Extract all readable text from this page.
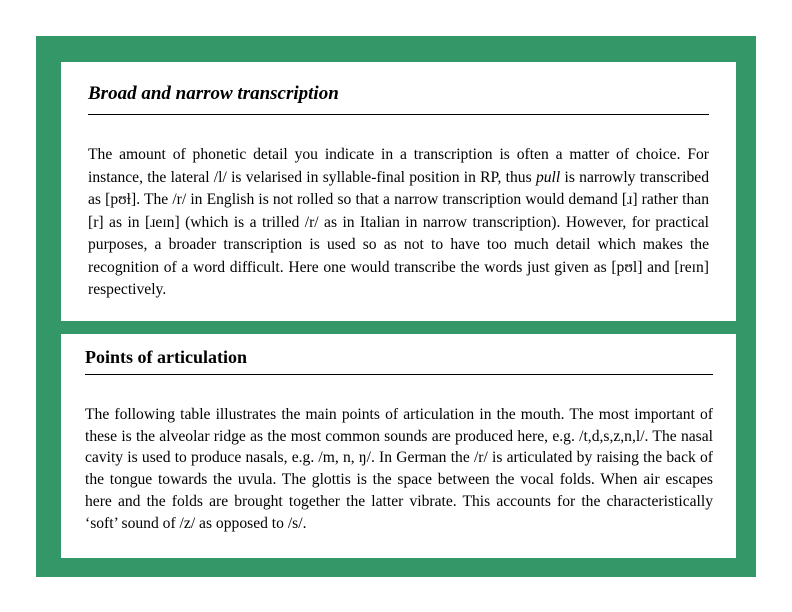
Broad and narrow transcription

The amount of phonetic detail you indicate in a transcription is often a matter of choice. For instance, the lateral /l/ is velarised in syllable-final position in RP, thus pull is narrowly transcribed as [pʊɫ]. The /r/ in English is not rolled so that a narrow transcription would demand [ɹ] rather than [r] as in [ɹeɪn] (which is a trilled /r/ as in Italian in narrow transcription). However, for practical purposes, a broader transcription is used so as not to have too much detail which makes the recognition of a word difficult. Here one would transcribe the words just given as [pʊl] and [reɪn] respectively.

Points of articulation

The following table illustrates the main points of articulation in the mouth. The most important of these is the alveolar ridge as the most common sounds are produced here, e.g. /t,d,s,z,n,l/. The nasal cavity is used to produce nasals, e.g. /m, n, ŋ/. In German the /r/ is articulated by raising the back of the tongue towards the uvula. The glottis is the space between the vocal folds. When air escapes here and the folds are brought together the latter vibrate. This accounts for the characteristically ‘soft’ sound of /z/ as opposed to /s/.
